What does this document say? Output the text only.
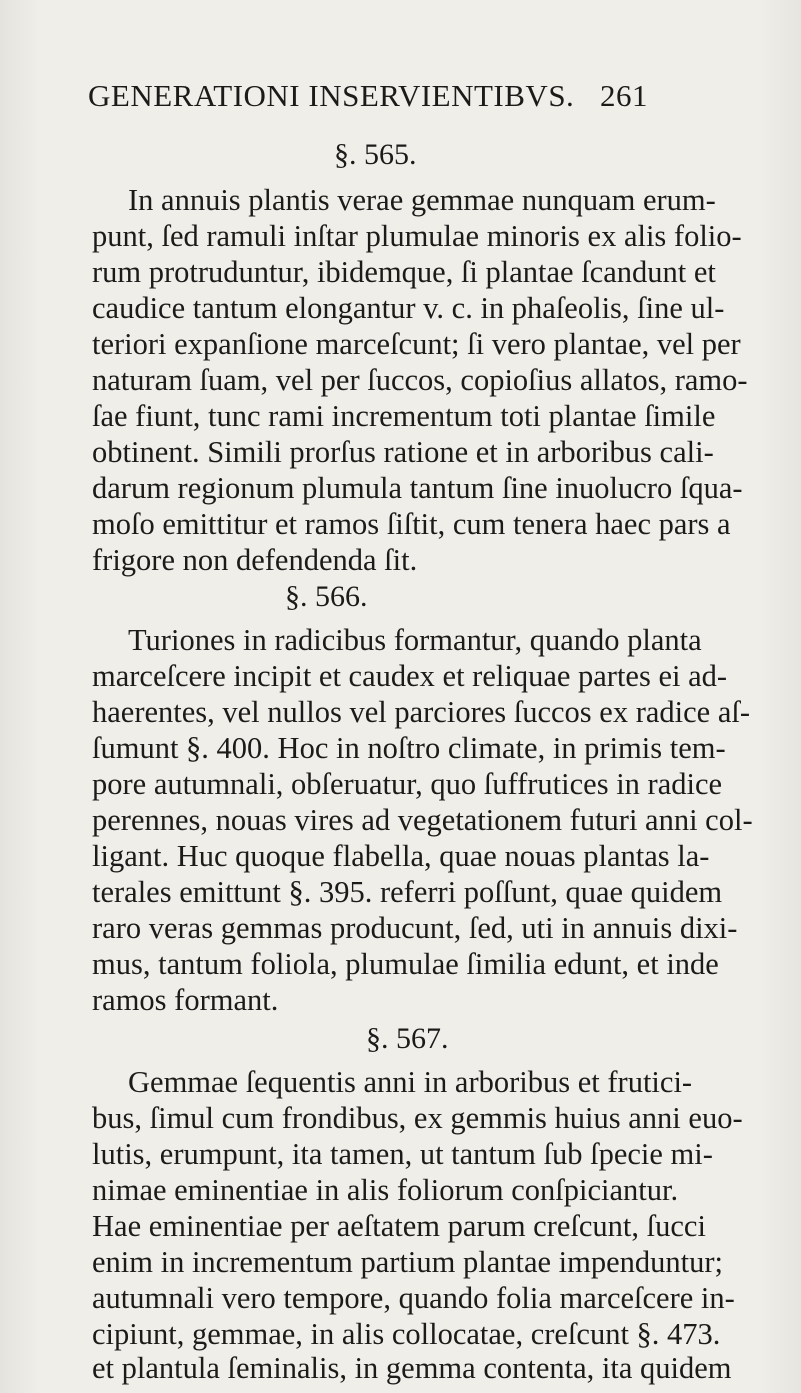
GENERATIONI INSERVIENTIBVS. 261
§. 565.
In annuis plantis verae gemmae nunquam erum-
punt, ſed ramuli inſtar plumulae minoris ex alis folio-
rum protruduntur, ibidemque, ſi plantae ſcandunt et
caudice tantum elongantur v. c. in phaſeolis, ſine ul-
teriori expanſione marceſcunt; ſi vero plantae, vel per
naturam ſuam, vel per ſuccos, copioſius allatos, ramo-
ſae fiunt, tunc rami incrementum toti plantae ſimile
obtinent. Simili prorſus ratione et in arboribus cali-
darum regionum plumula tantum ſine inuolucro ſqua-
moſo emittitur et ramos ſiſtit, cum tenera haec pars a
frigore non defendenda ſit.
§. 566.
Turiones in radicibus formantur, quando planta
marceſcere incipit et caudex et reliquae partes ei ad-
haerentes, vel nullos vel parciores ſuccos ex radice aſ-
ſumunt §. 400. Hoc in noſtro climate, in primis tem-
pore autumnali, obſeruatur, quo ſuffrutices in radice
perennes, nouas vires ad vegetationem futuri anni col-
ligant. Huc quoque flabella, quae nouas plantas la-
terales emittunt §. 395. referri poſſunt, quae quidem
raro veras gemmas producunt, ſed, uti in annuis dixi-
mus, tantum foliola, plumulae ſimilia edunt, et inde
ramos formant.
§. 567.
Gemmae ſequentis anni in arboribus et frutici-
bus, ſimul cum frondibus, ex gemmis huius anni euo-
lutis, erumpunt, ita tamen, ut tantum ſub ſpecie mi-
nimae eminentiae in alis foliorum conſpiciantur.
Hae eminentiae per aeſtatem parum creſcunt, ſucci
enim in incrementum partium plantae impenduntur;
autumnali vero tempore, quando folia marceſcere in-
cipiunt, gemmae, in alis collocatae, creſcunt §. 473.
et plantula ſeminalis, in gemma contenta, ita quidem
